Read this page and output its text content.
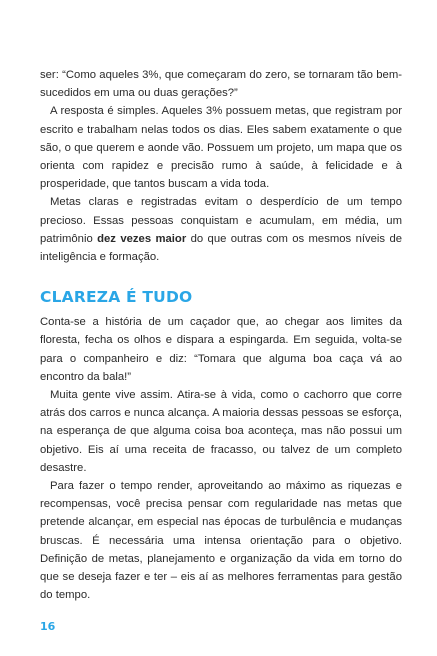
ser: “Como aqueles 3%, que começaram do zero, se tornaram tão bem-sucedidos em uma ou duas gerações?”

A resposta é simples. Aqueles 3% possuem metas, que registram por escrito e trabalham nelas todos os dias. Eles sabem exatamente o que são, o que querem e aonde vão. Possuem um projeto, um mapa que os orienta com rapidez e precisão rumo à saúde, à felicidade e à prosperidade, que tantos buscam a vida toda.

Metas claras e registradas evitam o desperdício de um tempo precioso. Essas pessoas conquistam e acumulam, em média, um patrimônio dez vezes maior do que outras com os mesmos níveis de inteligência e formação.

CLAREZA É TUDO

Conta-se a história de um caçador que, ao chegar aos limites da floresta, fecha os olhos e dispara a espingarda. Em seguida, volta-se para o companheiro e diz: “Tomara que alguma boa caça vá ao encontro da bala!”

Muita gente vive assim. Atira-se à vida, como o cachorro que corre atrás dos carros e nunca alcança. A maioria dessas pessoas se esforça, na esperança de que alguma coisa boa aconteça, mas não possui um objetivo. Eis aí uma receita de fracasso, ou talvez de um completo desastre.

Para fazer o tempo render, aproveitando ao máximo as riquezas e recompensas, você precisa pensar com regularidade nas metas que pretende alcançar, em especial nas épocas de turbulência e mudanças bruscas. É necessária uma intensa orientação para o objetivo. Definição de metas, planejamento e organização da vida em torno do que se deseja fazer e ter – eis aí as melhores ferramentas para gestão do tempo.

16
